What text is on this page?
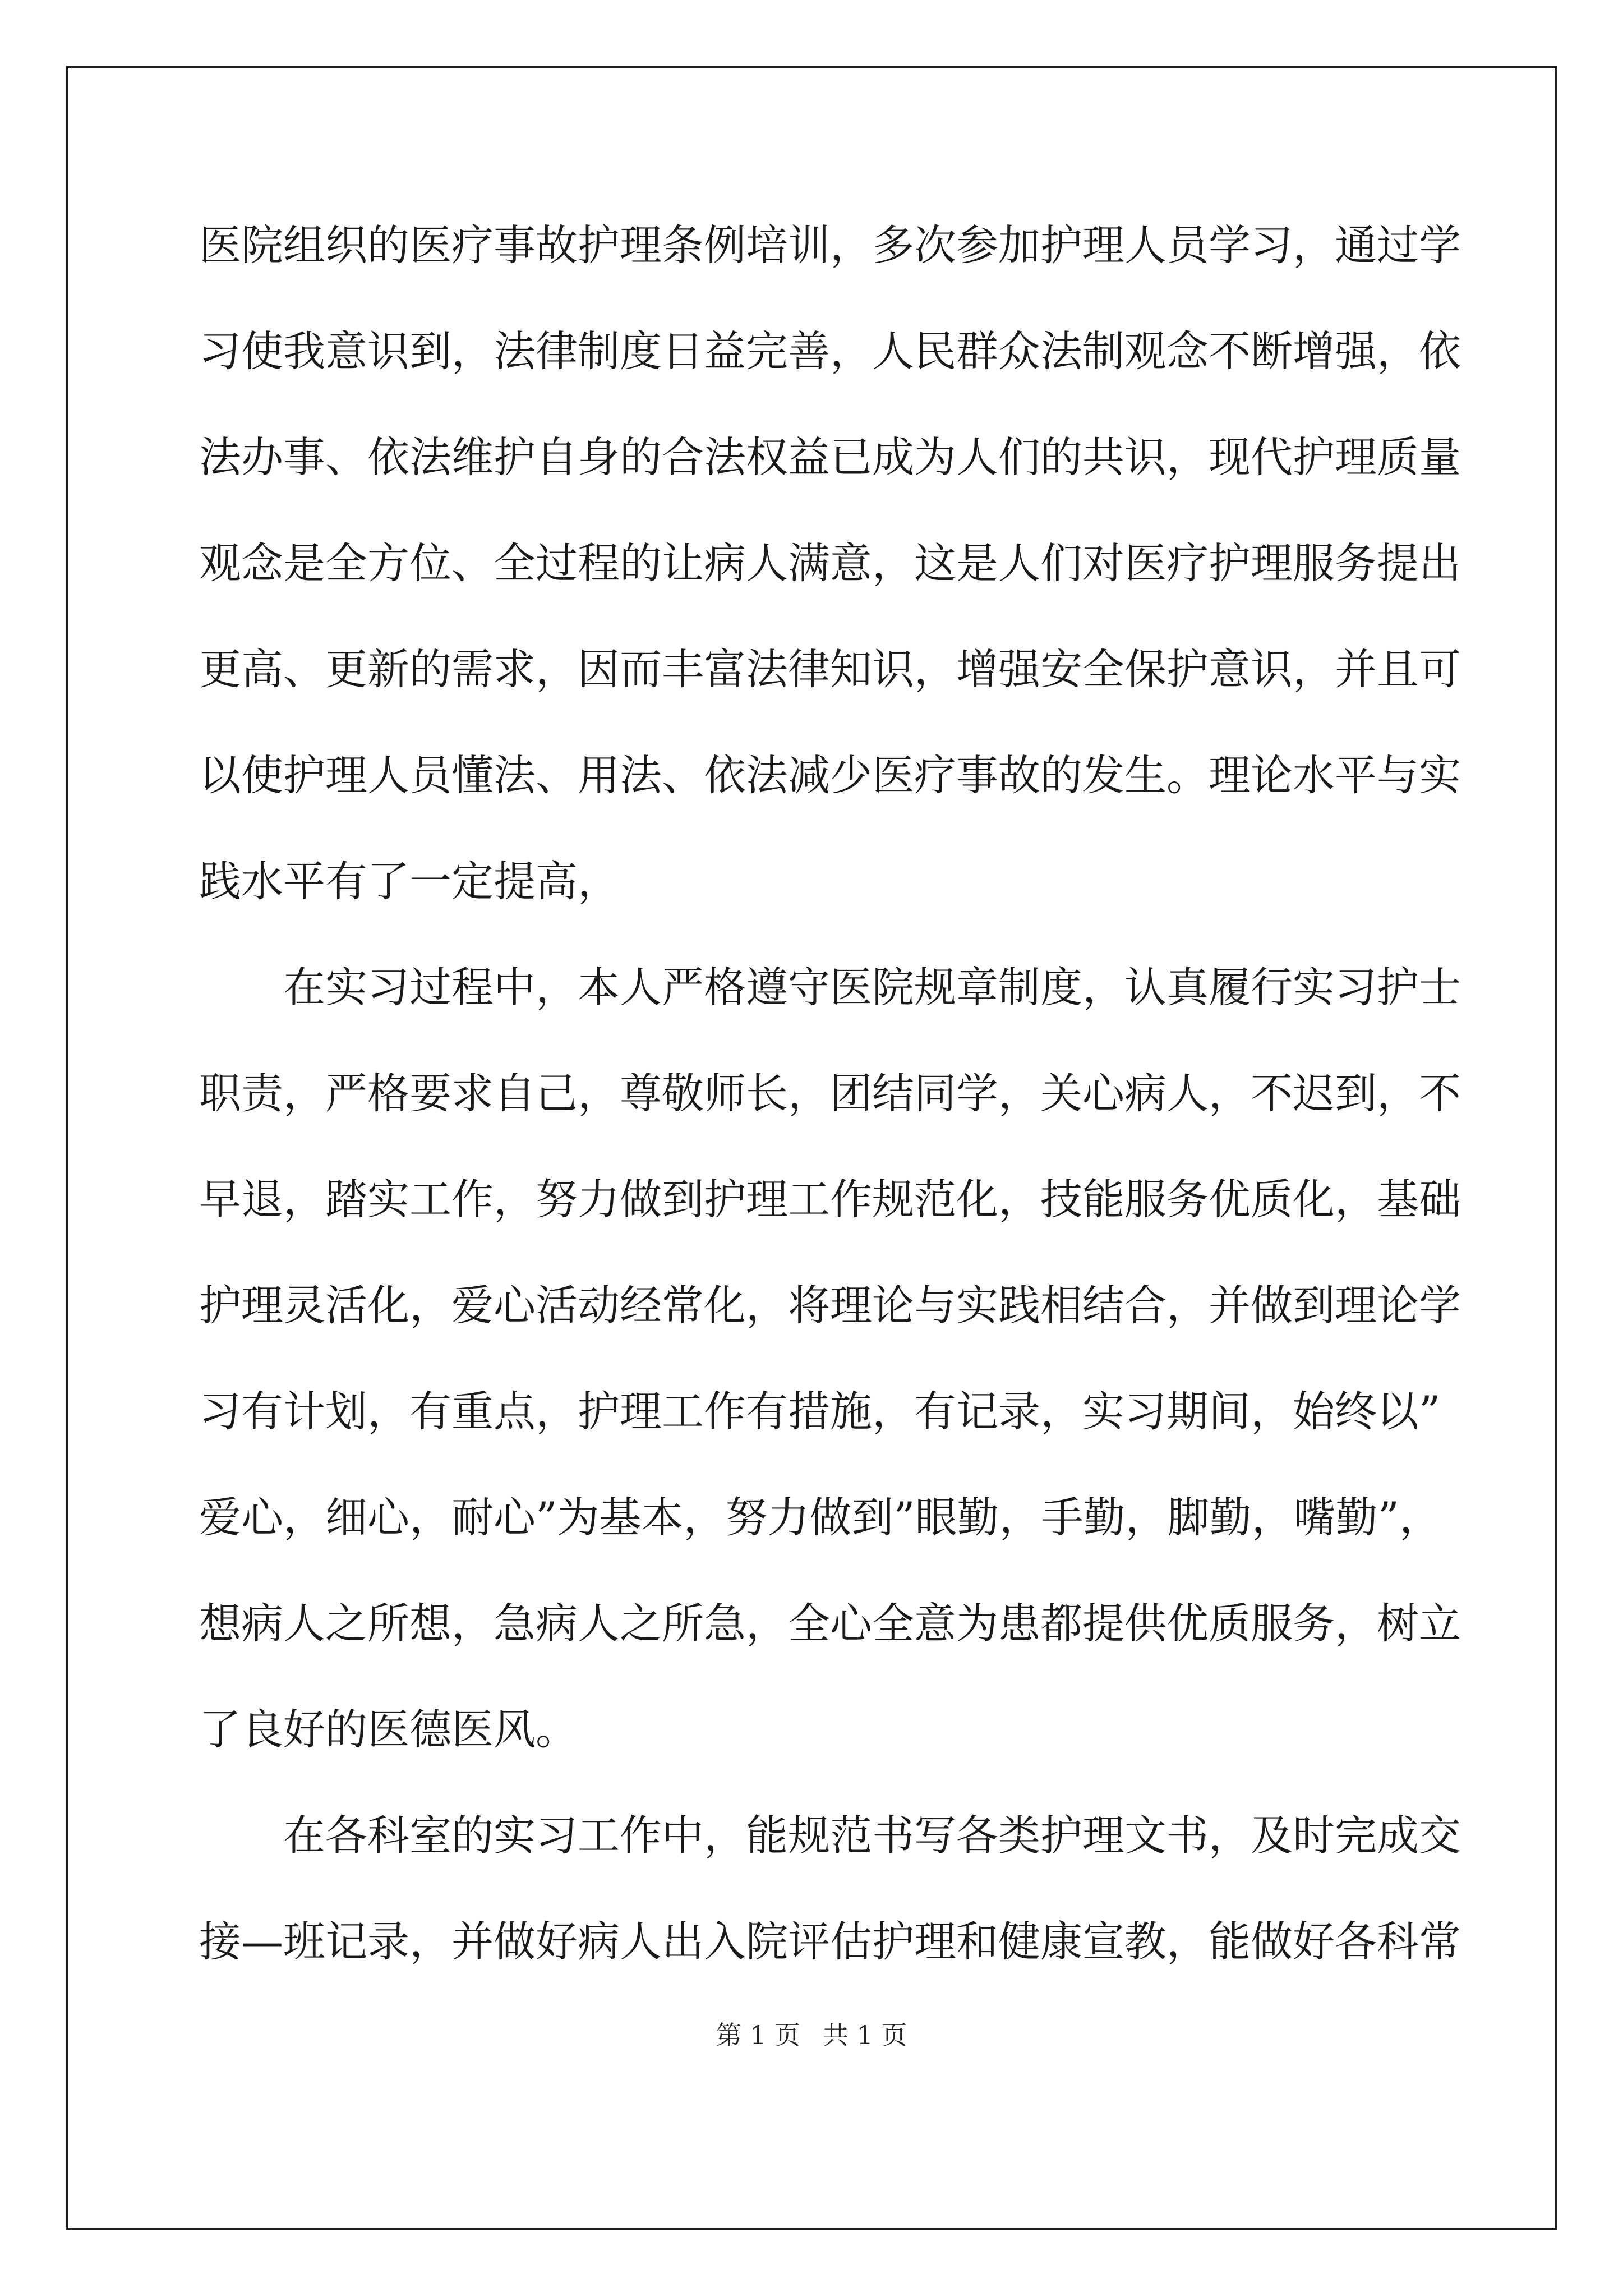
医院组织的医疗事故护理条例培训，多次参加护理人员学习，通过学
习使我意识到，法律制度日益完善，人民群众法制观念不断增强，依
法办事、依法维护自身的合法权益已成为人们的共识，现代护理质量
观念是全方位、全过程的让病人满意，这是人们对医疗护理服务提出
更高、更新的需求，因而丰富法律知识，增强安全保护意识，并且可
以使护理人员懂法、用法、依法减少医疗事故的发生。理论水平与实
践水平有了一定提高，
在实习过程中，本人严格遵守医院规章制度，认真履行实习护士
职责，严格要求自己，尊敬师长，团结同学，关心病人，不迟到，不
早退，踏实工作，努力做到护理工作规范化，技能服务优质化，基础
护理灵活化，爱心活动经常化，将理论与实践相结合，并做到理论学
习有计划，有重点，护理工作有措施，有记录，实习期间，始终以”
爱心，细心，耐心”为基本，努力做到”眼勤，手勤，脚勤，嘴勤”，
想病人之所想，急病人之所急，全心全意为患都提供优质服务，树立
了良好的医德医风。
在各科室的实习工作中，能规范书写各类护理文书，及时完成交
接—班记录，并做好病人出入院评估护理和健康宣教，能做好各科常
第 1 页 共 1 页
